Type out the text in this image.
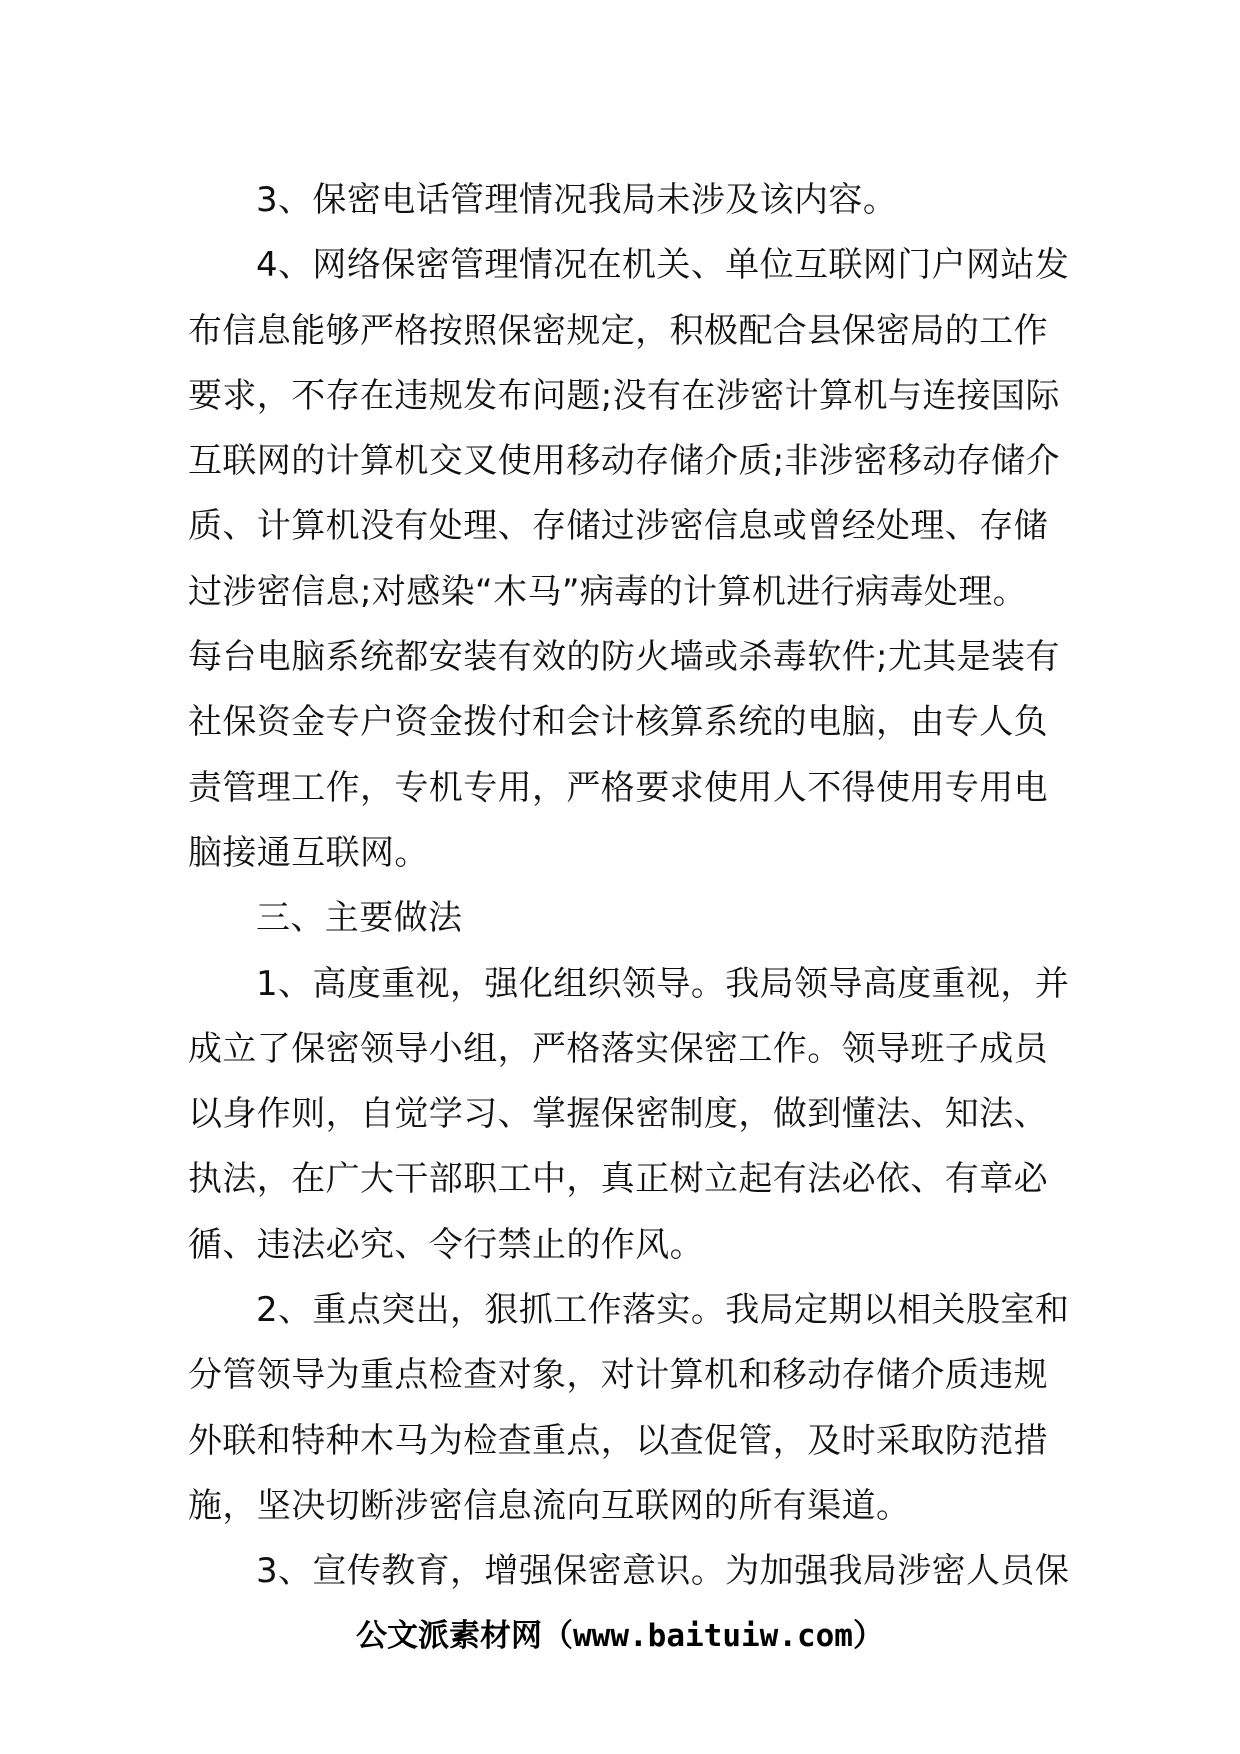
3、保密电话管理情况我局未涉及该内容。
4、网络保密管理情况在机关、单位互联网门户网站发
布信息能够严格按照保密规定，积极配合县保密局的工作
要求，不存在违规发布问题;没有在涉密计算机与连接国际
互联网的计算机交叉使用移动存储介质;非涉密移动存储介
质、计算机没有处理、存储过涉密信息或曾经处理、存储
过涉密信息;对感染“木马”病毒的计算机进行病毒处理。
每台电脑系统都安装有效的防火墙或杀毒软件;尤其是装有
社保资金专户资金拨付和会计核算系统的电脑，由专人负
责管理工作，专机专用，严格要求使用人不得使用专用电
脑接通互联网。
三、主要做法
1、高度重视，强化组织领导。我局领导高度重视，并
成立了保密领导小组，严格落实保密工作。领导班子成员
以身作则，自觉学习、掌握保密制度，做到懂法、知法、
执法，在广大干部职工中，真正树立起有法必依、有章必
循、违法必究、令行禁止的作风。
2、重点突出，狠抓工作落实。我局定期以相关股室和
分管领导为重点检查对象，对计算机和移动存储介质违规
外联和特种木马为检查重点，以查促管，及时采取防范措
施，坚决切断涉密信息流向互联网的所有渠道。
3、宣传教育，增强保密意识。为加强我局涉密人员保
公文派素材网（www.baituiw.com）
